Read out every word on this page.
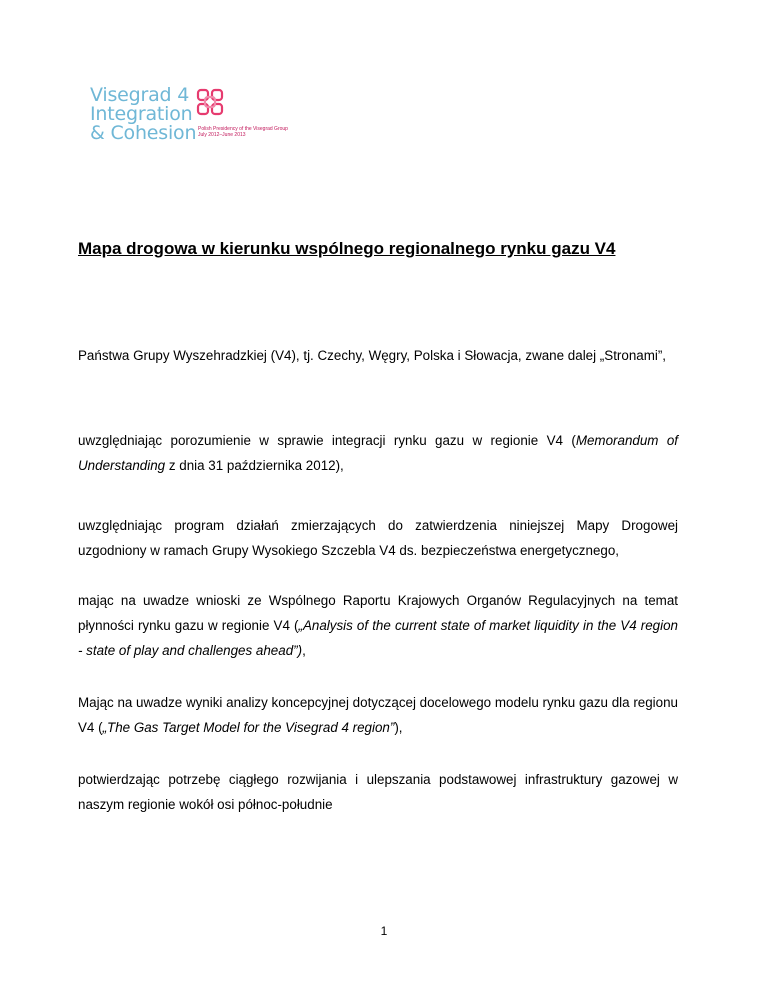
Visegrad 4
Integration
& Cohesion Polish Presidency of the Visegrad Group
July 2012–June 2013
Mapa drogowa w kierunku wspólnego regionalnego rynku gazu V4
Państwa Grupy Wyszehradzkiej (V4), tj. Czechy, Węgry, Polska i Słowacja, zwane dalej „Stronami”,
uwzględniając porozumienie w sprawie integracji rynku gazu w regionie V4 (Memorandum of Understanding z dnia 31 października 2012),
uwzględniając program działań zmierzających do zatwierdzenia niniejszej Mapy Drogowej uzgodniony w ramach Grupy Wysokiego Szczebla V4 ds. bezpieczeństwa energetycznego,
mając na uwadze wnioski ze Wspólnego Raportu Krajowych Organów Regulacyjnych na temat płynności rynku gazu w regionie V4 („Analysis of the current state of market liquidity in the V4 region - state of play and challenges ahead”),
Mając na uwadze wyniki analizy koncepcyjnej dotyczącej docelowego modelu rynku gazu dla regionu V4 („The Gas Target Model for the Visegrad 4 region”),
potwierdzając potrzebę ciągłego rozwijania i ulepszania podstawowej infrastruktury gazowej w naszym regionie wokół osi północ-południe
1
